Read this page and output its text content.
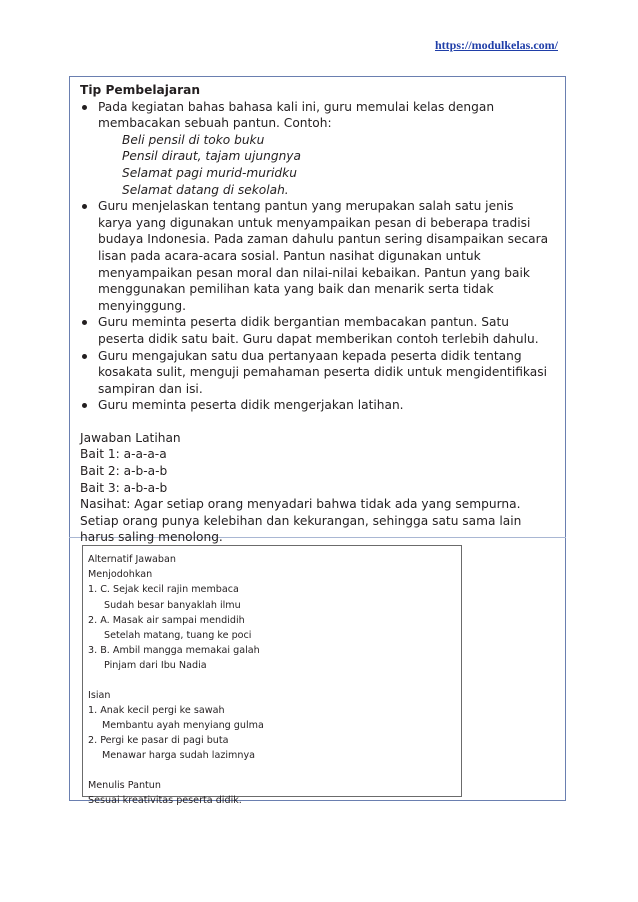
https://modulkelas.com/
Tip Pembelajaran
Pada kegiatan bahas bahasa kali ini, guru memulai kelas dengan membacakan sebuah pantun. Contoh:
Beli pensil di toko buku
Pensil diraut, tajam ujungnya
Selamat pagi murid-muridku
Selamat datang di sekolah.
Guru menjelaskan tentang pantun yang merupakan salah satu jenis karya yang digunakan untuk menyampaikan pesan di beberapa tradisi budaya Indonesia. Pada zaman dahulu pantun sering disampaikan secara lisan pada acara-acara sosial. Pantun nasihat digunakan untuk menyampaikan pesan moral dan nilai-nilai kebaikan. Pantun yang baik menggunakan pemilihan kata yang baik dan menarik serta tidak menyinggung.
Guru meminta peserta didik bergantian membacakan pantun. Satu peserta didik satu bait. Guru dapat memberikan contoh terlebih dahulu.
Guru mengajukan satu dua pertanyaan kepada peserta didik tentang kosakata sulit, menguji pemahaman peserta didik untuk mengidentifikasi sampiran dan isi.
Guru meminta peserta didik mengerjakan latihan.
Jawaban Latihan
Bait 1: a-a-a-a
Bait 2: a-b-a-b
Bait 3: a-b-a-b
Nasihat: Agar setiap orang menyadari bahwa tidak ada yang sempurna. Setiap orang punya kelebihan dan kekurangan, sehingga satu sama lain harus saling menolong.
Alternatif Jawaban
Menjodohkan
1. C. Sejak kecil rajin membaca
Sudah besar banyaklah ilmu
2. A. Masak air sampai mendidih
Setelah matang, tuang ke poci
3. B. Ambil mangga memakai galah
Pinjam dari Ibu Nadia
Isian
1. Anak kecil pergi ke sawah
Membantu ayah menyiang gulma
2. Pergi ke pasar di pagi buta
Menawar harga sudah lazimnya
Menulis Pantun
Sesuai kreativitas peserta didik.
